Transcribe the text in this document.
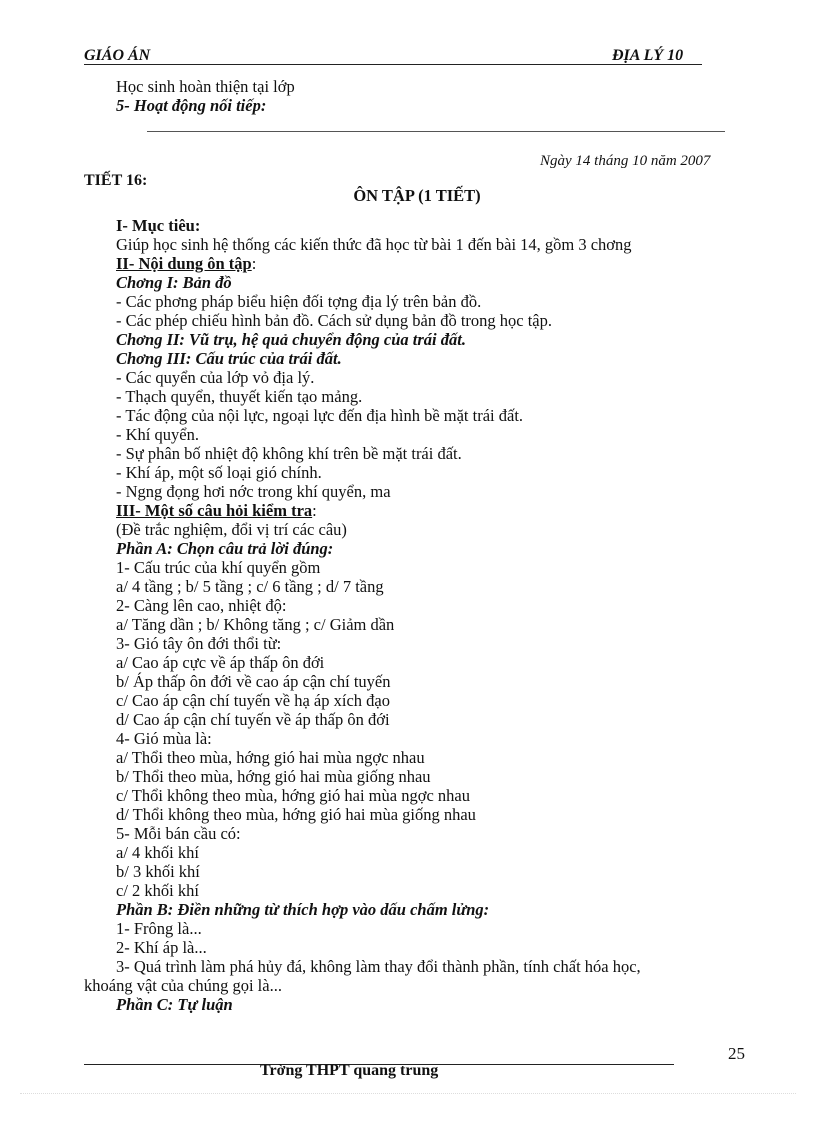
GIÁO ÁN	ĐỊA LÝ 10
Học sinh hoàn thiện tại lớp
5- Hoạt động nối tiếp:
Ngày 14 tháng 10 năm 2007
TIẾT 16:
ÔN TẬP (1 TIẾT)
I- Mục tiêu:
Giúp học sinh hệ thống các kiến thức đã học từ bài 1 đến bài 14, gồm 3 chơng
II- Nội dung ôn tập:
Chơng I: Bản đồ
- Các phơng pháp biểu hiện đối tợng địa lý trên bản đồ.
- Các phép chiếu hình bản đồ. Cách sử dụng bản đồ trong học tập.
Chơng II: Vũ trụ, hệ quả chuyển động của trái đất.
Chơng III: Cấu trúc của trái đất.
- Các quyển của lớp vỏ địa lý.
- Thạch quyển, thuyết kiến tạo mảng.
- Tác động của nội lực, ngoại lực đến địa hình bề mặt trái đất.
- Khí quyển.
- Sự phân bố nhiệt độ không khí trên bề mặt trái đất.
- Khí áp, một số loại gió chính.
- Ngng đọng hơi nớc trong khí quyển, ma
III- Một số câu hỏi kiểm tra:
(Đề trắc nghiệm, đổi vị trí các câu)
Phần A: Chọn câu trả lời đúng:
1- Cấu trúc của khí quyển gồm
a/ 4 tầng ; b/ 5 tầng ; c/ 6 tầng ; d/ 7 tầng
2- Càng lên cao, nhiệt độ:
a/ Tăng dần ; b/ Không tăng ; c/ Giảm dần
3- Gió tây ôn đới thổi từ:
a/ Cao áp cực về áp thấp ôn đới
b/ Áp thấp ôn đới về cao áp cận chí tuyến
c/ Cao áp cận chí tuyến về hạ áp xích đạo
d/ Cao áp cận chí tuyến về áp thấp ôn đới
4- Gió mùa là:
a/ Thổi theo mùa, hớng gió hai mùa ngợc nhau
b/ Thổi theo mùa, hớng gió hai mùa giống nhau
c/ Thổi không theo mùa, hớng gió hai mùa ngợc nhau
d/ Thổi không theo mùa, hớng gió hai mùa giống nhau
5- Mỗi bán cầu có:
a/ 4 khối khí
b/ 3 khối khí
c/ 2 khối khí
Phần B: Điền những từ thích hợp vào dấu chấm lửng:
1- Frông là...
2- Khí áp là...
3- Quá trình làm phá hủy đá, không làm thay đổi thành phần, tính chất hóa học,
khoáng vật của chúng gọi là...
Phần C: Tự luận
25
Trờng THPT quang trung
